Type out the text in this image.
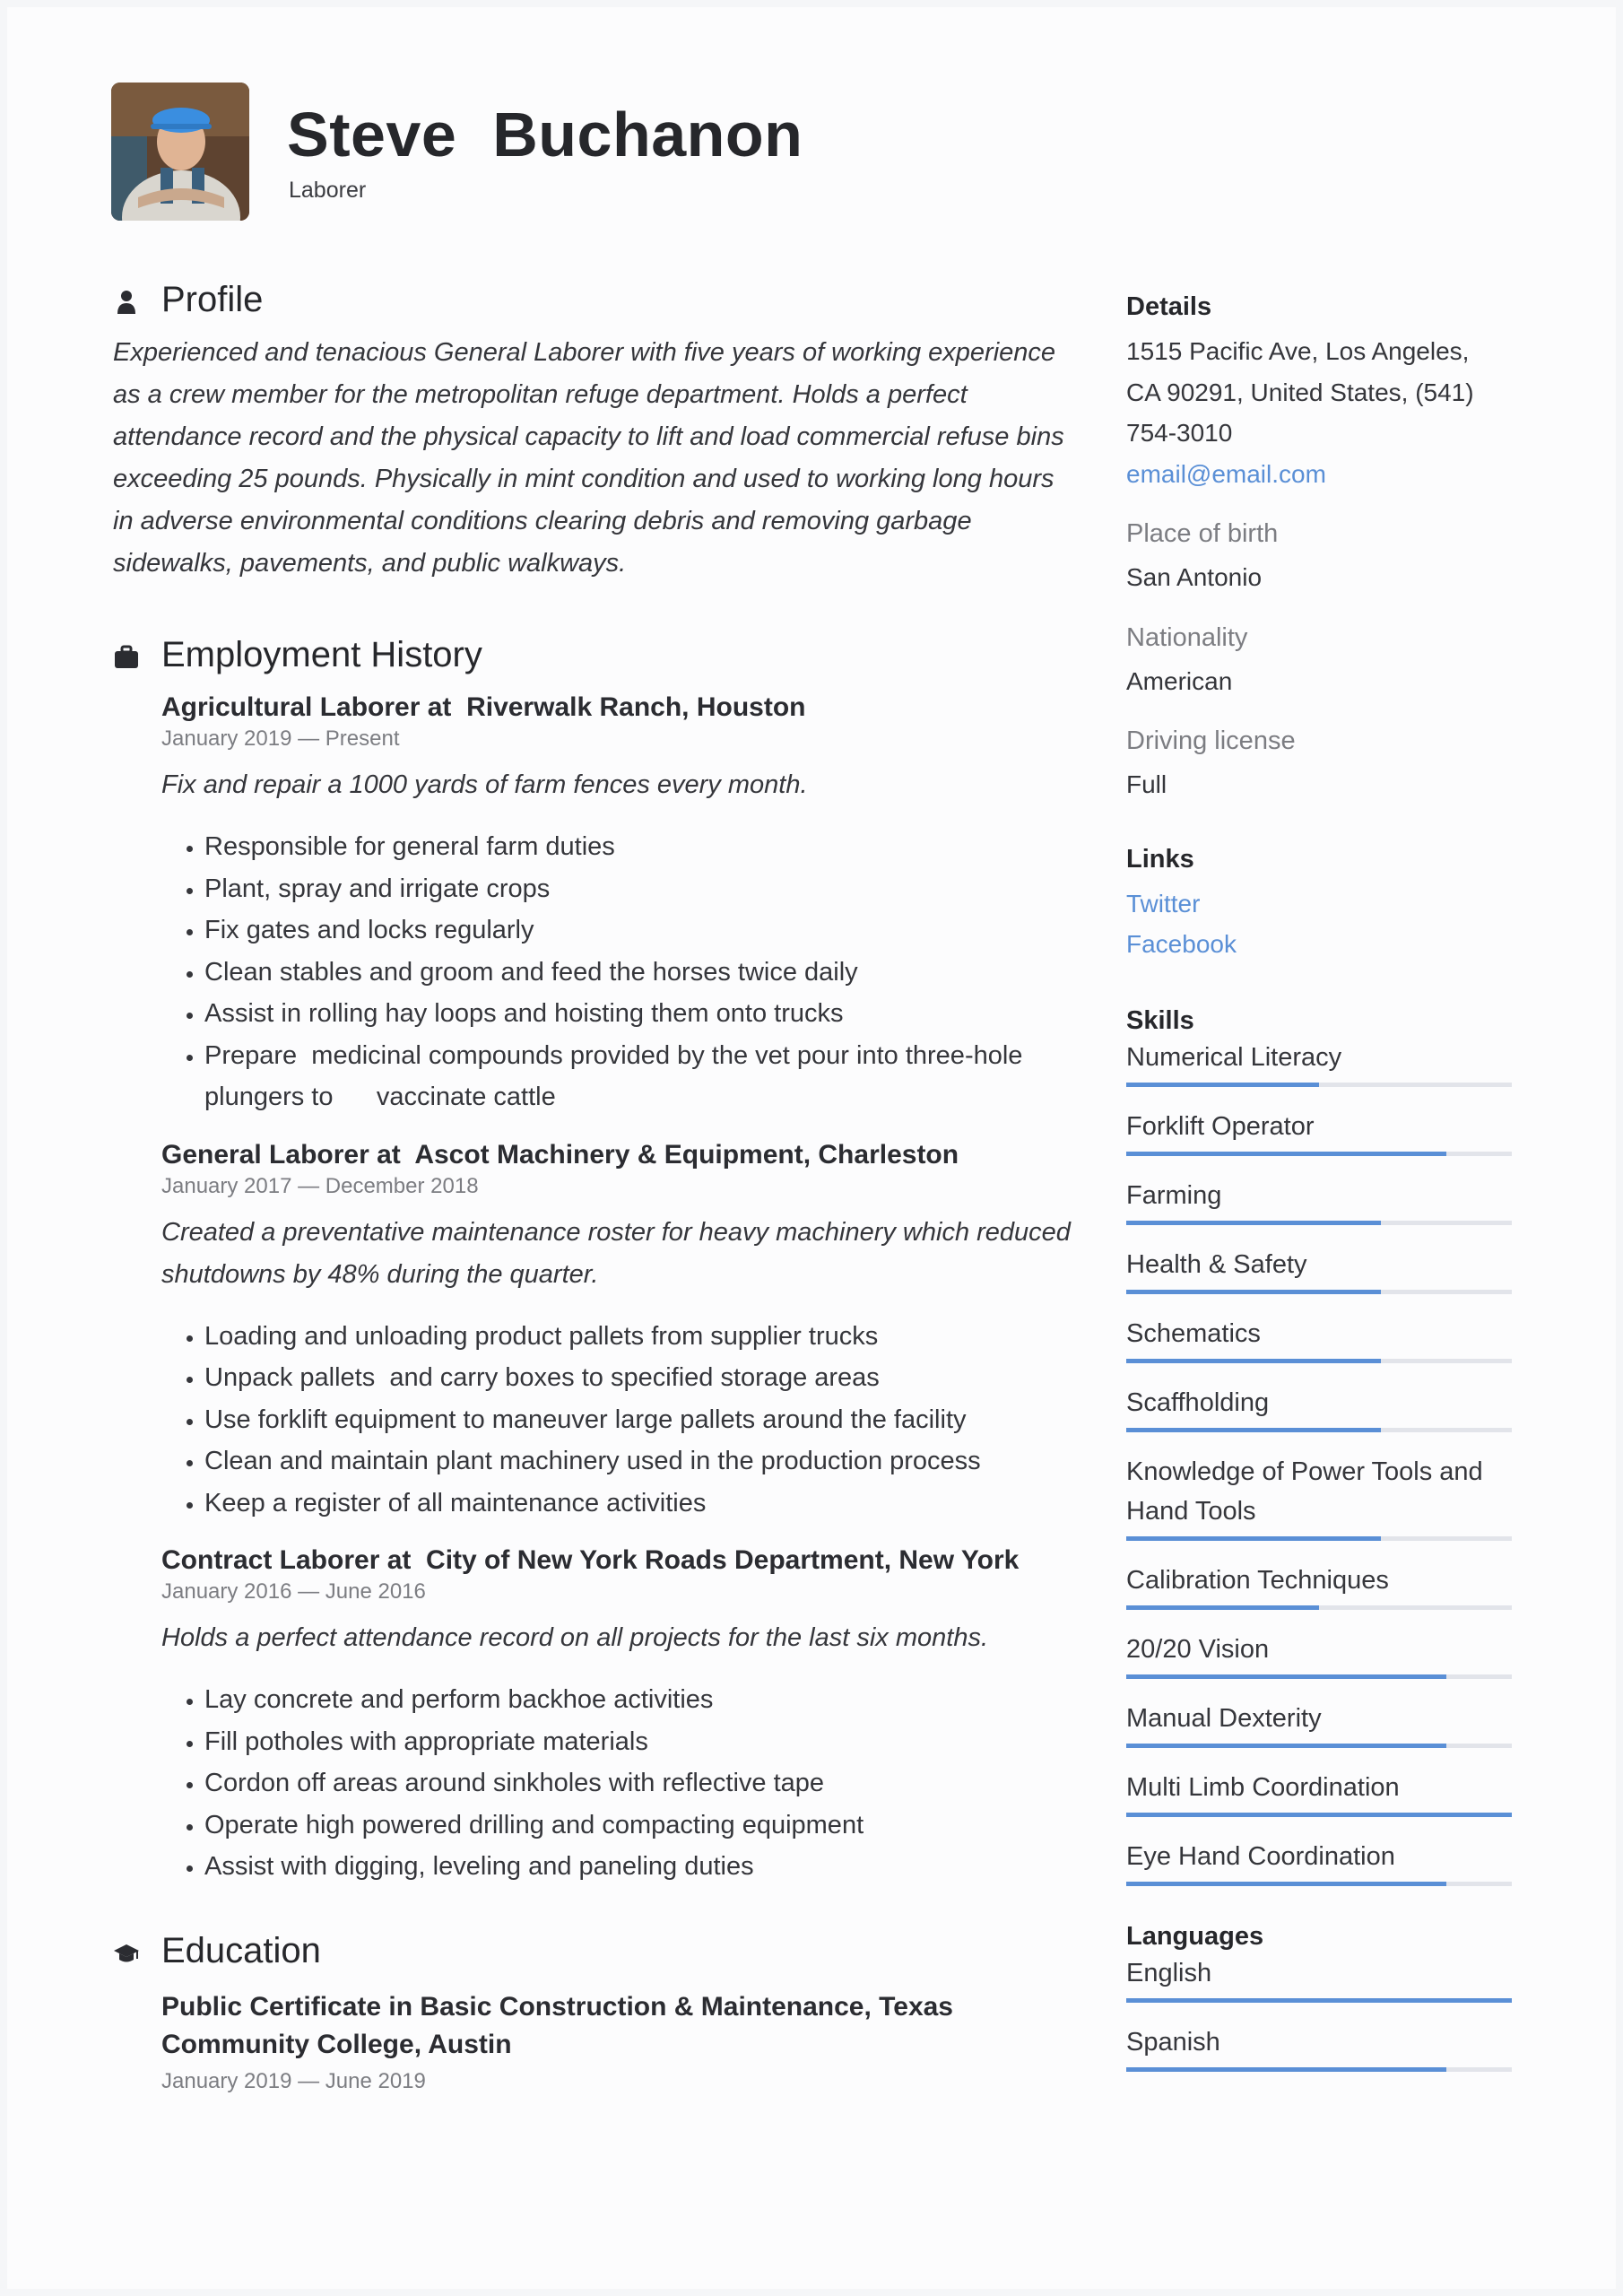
Steve Buchanon
Laborer
Profile

Experienced and tenacious General Laborer with five years of working experience as a crew member for the metropolitan refuge department. Holds a perfect attendance record and the physical capacity to lift and load commercial refuse bins exceeding 25 pounds. Physically in mint condition and used to working long hours in adverse environmental conditions clearing debris and removing garbage sidewalks, pavements, and public walkways.

Employment History
Agricultural Laborer at  Riverwalk Ranch, Houston
January 2019 — Present
Fix and repair a 1000 yards of farm fences every month.
• Responsible for general farm duties
• Plant, spray and irrigate crops
• Fix gates and locks regularly
• Clean stables and groom and feed the horses twice daily
• Assist in rolling hay loops and hoisting them onto trucks
• Prepare  medicinal compounds provided by the vet pour into three-hole plungers to      vaccinate cattle
General Laborer at  Ascot Machinery & Equipment, Charleston
January 2017 — December 2018
Created a preventative maintenance roster for heavy machinery which reduced shutdowns by 48% during the quarter.
• Loading and unloading product pallets from supplier trucks
• Unpack pallets  and carry boxes to specified storage areas
• Use forklift equipment to maneuver large pallets around the facility
• Clean and maintain plant machinery used in the production process
• Keep a register of all maintenance activities
Contract Laborer at  City of New York Roads Department, New York
January 2016 — June 2016
Holds a perfect attendance record on all projects for the last six months.
• Lay concrete and perform backhoe activities
• Fill potholes with appropriate materials
• Cordon off areas around sinkholes with reflective tape
• Operate high powered drilling and compacting equipment
• Assist with digging, leveling and paneling duties
Education
Public Certificate in Basic Construction & Maintenance, Texas Community College, Austin
January 2019 — June 2019
Details
1515 Pacific Ave, Los Angeles,
CA 90291, United States, (541)
754-3010
email@email.com
Place of birth
San Antonio
Nationality
American
Driving license
Full
Links
Twitter
Facebook
Skills
Numerical Literacy
Forklift Operator
Farming
Health & Safety
Schematics
Scaffholding
Knowledge of Power Tools and Hand Tools
Calibration Techniques
20/20 Vision
Manual Dexterity
Multi Limb Coordination
Eye Hand Coordination
Languages
English
Spanish
